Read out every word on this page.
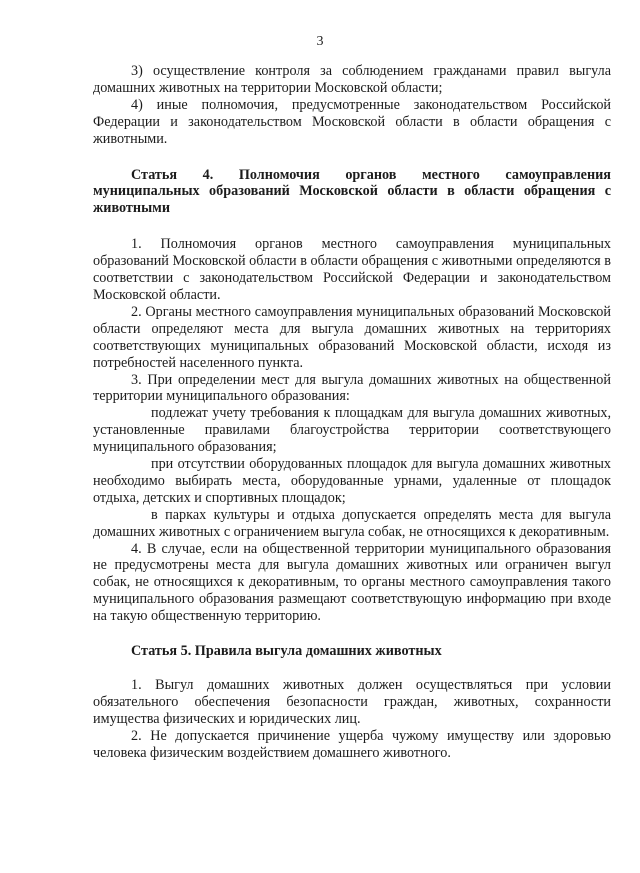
3

3) осуществление контроля за соблюдением гражданами правил выгула домашних животных на территории Московской области;

4) иные полномочия, предусмотренные законодательством Российской Федерации и законодательством Московской области в области обращения с животными.

Статья 4. Полномочия органов местного самоуправления муниципальных образований Московской области в области обращения с животными

1. Полномочия органов местного самоуправления муниципальных образований Московской области в области обращения с животными определяются в соответствии с законодательством Российской Федерации и законодательством Московской области.

2. Органы местного самоуправления муниципальных образований Московской области определяют места для выгула домашних животных на территориях соответствующих муниципальных образований Московской области, исходя из потребностей населенного пункта.

3. При определении мест для выгула домашних животных на общественной территории муниципального образования:

подлежат учету требования к площадкам для выгула домашних животных, установленные правилами благоустройства территории соответствующего муниципального образования;

при отсутствии оборудованных площадок для выгула домашних животных необходимо выбирать места, оборудованные урнами, удаленные от площадок отдыха, детских и спортивных площадок;

в парках культуры и отдыха допускается определять места для выгула домашних животных с ограничением выгула собак, не относящихся к декоративным.

4. В случае, если на общественной территории муниципального образования не предусмотрены места для выгула домашних животных или ограничен выгул собак, не относящихся к декоративным, то органы местного самоуправления такого муниципального образования размещают соответствующую информацию при входе на такую общественную территорию.

Статья 5. Правила выгула домашних животных

1. Выгул домашних животных должен осуществляться при условии обязательного обеспечения безопасности граждан, животных, сохранности имущества физических и юридических лиц.

2. Не допускается причинение ущерба чужому имуществу или здоровью человека физическим воздействием домашнего животного.
